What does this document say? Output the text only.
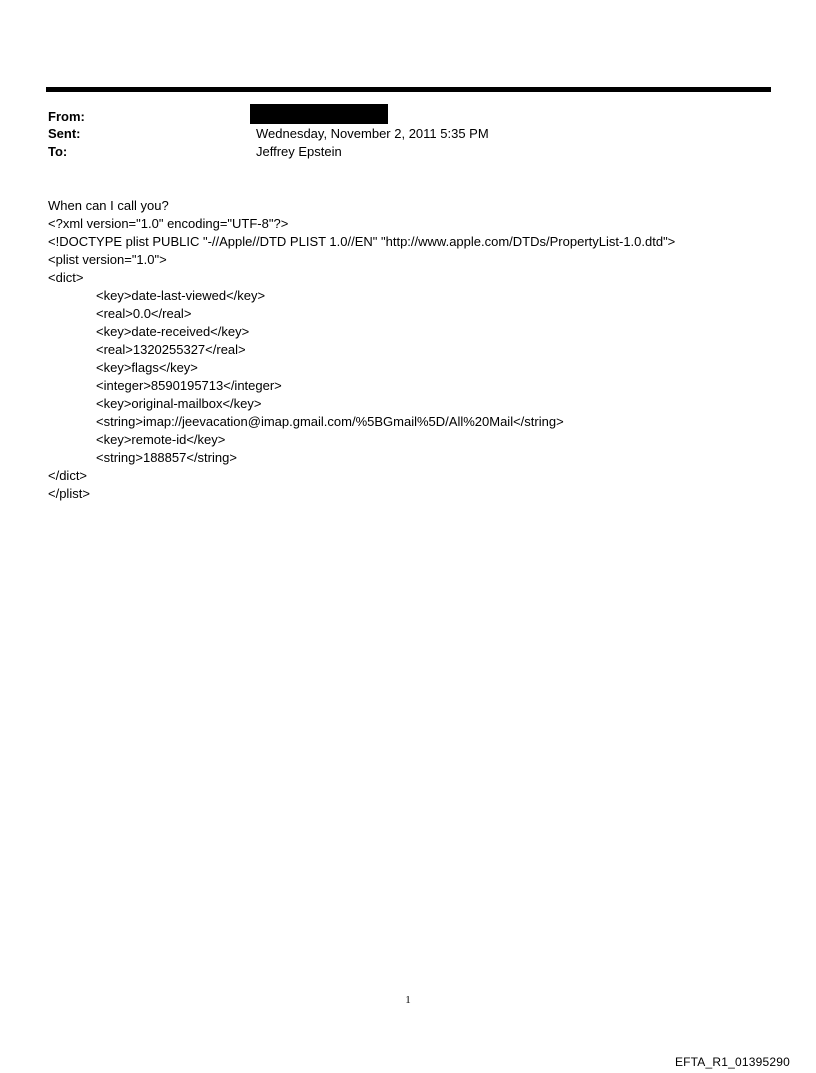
From:
Sent:	Wednesday, November 2, 2011 5:35 PM
To:	Jeffrey Epstein
When can I call you?
<?xml version="1.0" encoding="UTF-8"?>
<!DOCTYPE plist PUBLIC "-//Apple//DTD PLIST 1.0//EN" "http://www.apple.com/DTDs/PropertyList-1.0.dtd">
<plist version="1.0">
<dict>
<key>date-last-viewed</key>
<real>0.0</real>
<key>date-received</key>
<real>1320255327</real>
<key>flags</key>
<integer>8590195713</integer>
<key>original-mailbox</key>
<string>imap://jeevacation@imap.gmail.com/%5BGmail%5D/All%20Mail</string>
<key>remote-id</key>
<string>188857</string>
</dict>
</plist>
1
EFTA_R1_01395290
